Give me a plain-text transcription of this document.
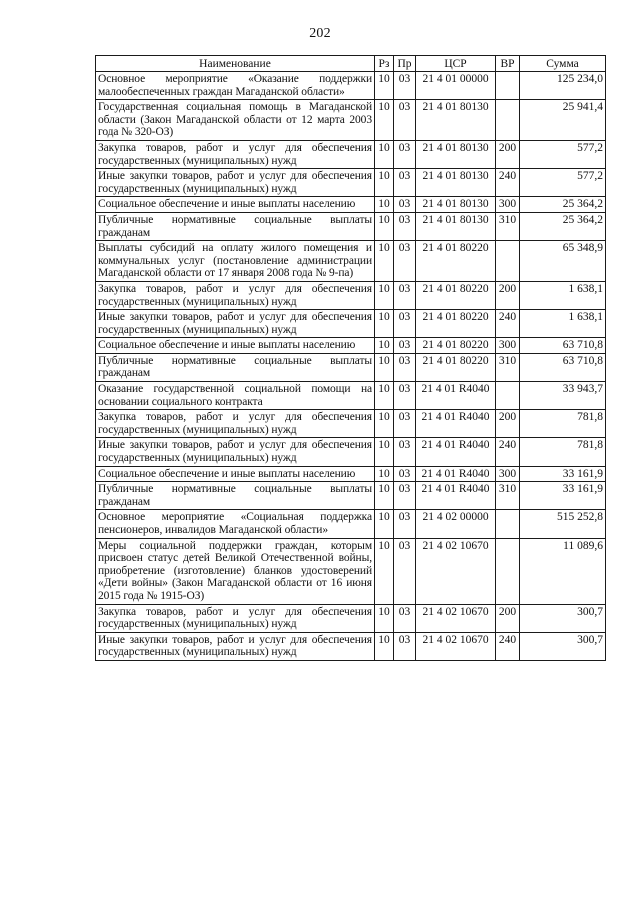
202
Наименование	Рз	Пр	ЦСР	ВР	Сумма
Основное мероприятие «Оказание поддержки малообеспеченных граждан Магаданской области»	10	03	21 4 01 00000		125 234,0
Государственная социальная помощь в Магаданской области (Закон Магаданской области от 12 марта 2003 года № 320-ОЗ)	10	03	21 4 01 80130		25 941,4
Закупка товаров, работ и услуг для обеспечения государственных (муниципальных) нужд	10	03	21 4 01 80130	200	577,2
Иные закупки товаров, работ и услуг для обеспечения государственных (муниципальных) нужд	10	03	21 4 01 80130	240	577,2
Социальное обеспечение и иные выплаты населению	10	03	21 4 01 80130	300	25 364,2
Публичные нормативные социальные выплаты гражданам	10	03	21 4 01 80130	310	25 364,2
Выплаты субсидий на оплату жилого помещения и коммунальных услуг (постановление администрации Магаданской области от 17 января 2008 года № 9-па)	10	03	21 4 01 80220		65 348,9
Закупка товаров, работ и услуг для обеспечения государственных (муниципальных) нужд	10	03	21 4 01 80220	200	1 638,1
Иные закупки товаров, работ и услуг для обеспечения государственных (муниципальных) нужд	10	03	21 4 01 80220	240	1 638,1
Социальное обеспечение и иные выплаты населению	10	03	21 4 01 80220	300	63 710,8
Публичные нормативные социальные выплаты гражданам	10	03	21 4 01 80220	310	63 710,8
Оказание государственной социальной помощи на основании социального контракта	10	03	21 4 01 R4040		33 943,7
Закупка товаров, работ и услуг для обеспечения государственных (муниципальных) нужд	10	03	21 4 01 R4040	200	781,8
Иные закупки товаров, работ и услуг для обеспечения государственных (муниципальных) нужд	10	03	21 4 01 R4040	240	781,8
Социальное обеспечение и иные выплаты населению	10	03	21 4 01 R4040	300	33 161,9
Публичные нормативные социальные выплаты гражданам	10	03	21 4 01 R4040	310	33 161,9
Основное мероприятие «Социальная поддержка пенсионеров, инвалидов Магаданской области»	10	03	21 4 02 00000		515 252,8
Меры социальной поддержки граждан, которым присвоен статус детей Великой Отечественной войны, приобретение (изготовление) бланков удостоверений «Дети войны» (Закон Магаданской области от 16 июня 2015 года № 1915-ОЗ)	10	03	21 4 02 10670		11 089,6
Закупка товаров, работ и услуг для обеспечения государственных (муниципальных) нужд	10	03	21 4 02 10670	200	300,7
Иные закупки товаров, работ и услуг для обеспечения государственных (муниципальных) нужд	10	03	21 4 02 10670	240	300,7
